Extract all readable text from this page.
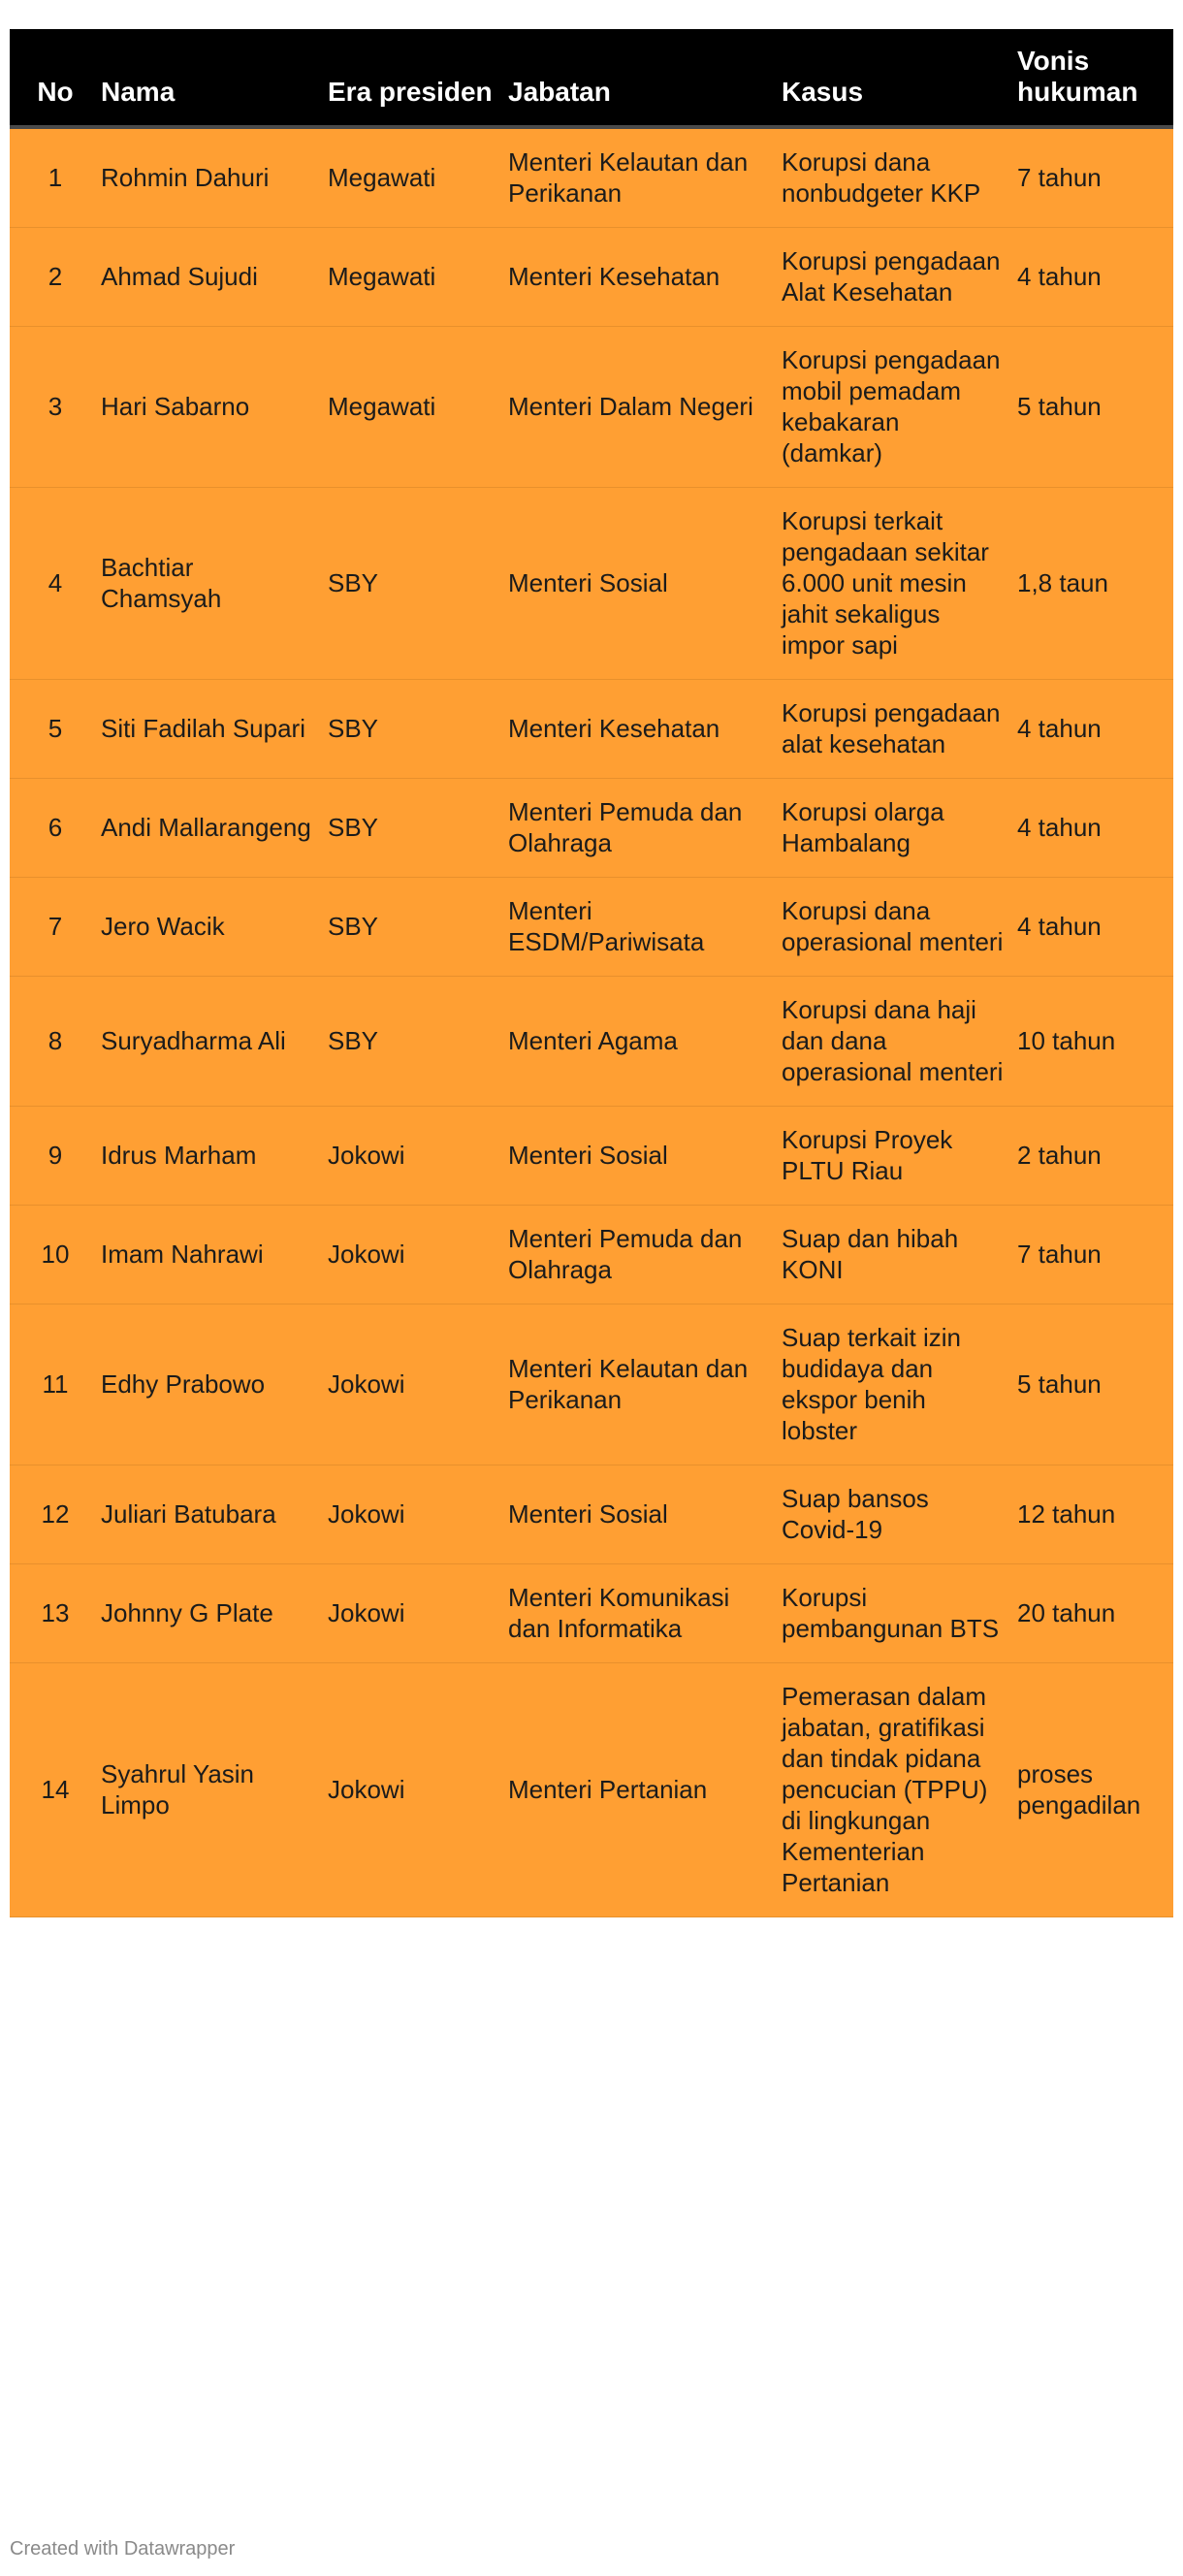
No	Nama	Era presiden	Jabatan	Kasus	Vonis hukuman

1	Rohmin Dahuri	Megawati	Menteri Kelautan dan Perikanan	Korupsi dana nonbudgeter KKP	7 tahun

2	Ahmad Sujudi	Megawati	Menteri Kesehatan	Korupsi pengadaan Alat Kesehatan	4 tahun

3	Hari Sabarno	Megawati	Menteri Dalam Negeri	Korupsi pengadaan mobil pemadam kebakaran (damkar)	5 tahun

4	Bachtiar Chamsyah	SBY	Menteri Sosial	Korupsi terkait pengadaan sekitar 6.000 unit mesin jahit sekaligus impor sapi	1,8 taun

5	Siti Fadilah Supari	SBY	Menteri Kesehatan	Korupsi pengadaan alat kesehatan	4 tahun

6	Andi Mallarangeng	SBY	Menteri Pemuda dan Olahraga	Korupsi olarga Hambalang	4 tahun

7	Jero Wacik	SBY	Menteri ESDM/Pariwisata	Korupsi dana operasional menteri	4 tahun

8	Suryadharma Ali	SBY	Menteri Agama	Korupsi dana haji dan dana operasional menteri	10 tahun

9	Idrus Marham	Jokowi	Menteri Sosial	Korupsi Proyek PLTU Riau	2 tahun

10	Imam Nahrawi	Jokowi	Menteri Pemuda dan Olahraga	Suap dan hibah KONI	7 tahun

11	Edhy Prabowo	Jokowi	Menteri Kelautan dan Perikanan	Suap terkait izin budidaya dan ekspor benih lobster	5 tahun

12	Juliari Batubara	Jokowi	Menteri Sosial	Suap bansos Covid-19	12 tahun

13	Johnny G Plate	Jokowi	Menteri Komunikasi dan Informatika	Korupsi pembangunan BTS	20 tahun

14	Syahrul Yasin Limpo	Jokowi	Menteri Pertanian	Pemerasan dalam jabatan, gratifikasi dan tindak pidana pencucian (TPPU) di lingkungan Kementerian Pertanian	proses pengadilan
Created with Datawrapper
